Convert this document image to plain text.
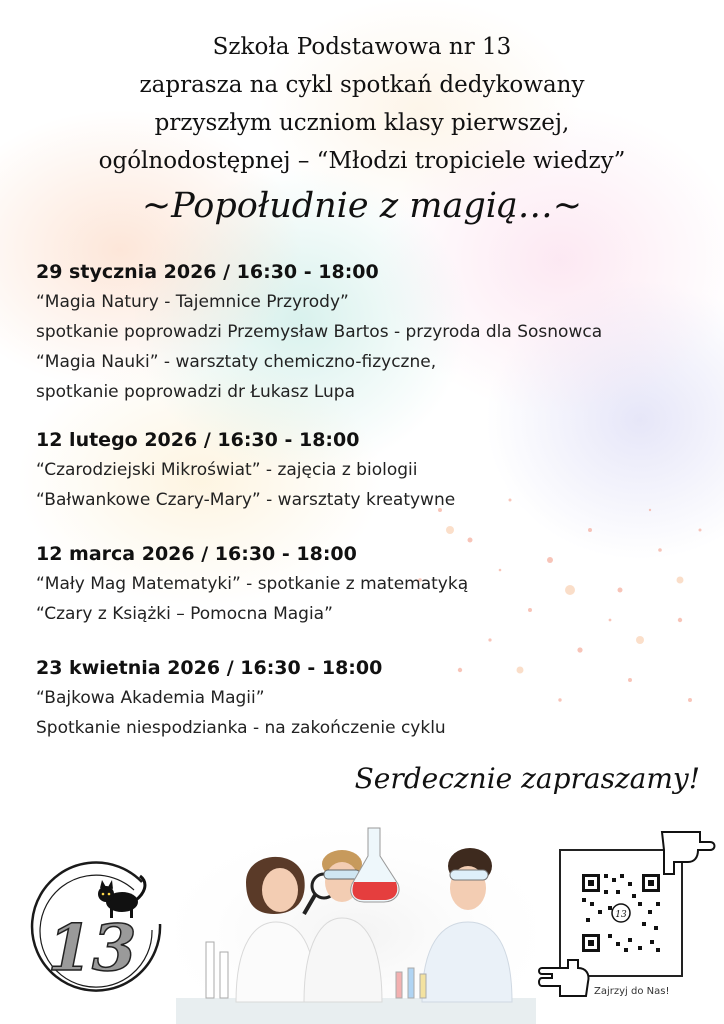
Szkoła Podstawowa nr 13
zaprasza na cykl spotkań dedykowany
przyszłym uczniom klasy pierwszej,
ogólnodostępnej – “Młodzi tropiciele wiedzy”
~Popołudnie z magią…~
29 stycznia 2026 / 16:30 - 18:00
“Magia Natury - Tajemnice Przyrody”
spotkanie poprowadzi Przemysław Bartos - przyroda dla Sosnowca
“Magia Nauki” - warsztaty chemiczno-fizyczne,
spotkanie poprowadzi dr Łukasz Lupa
12 lutego 2026 / 16:30 - 18:00
“Czarodziejski Mikroświat” - zajęcia z biologii
“Bałwankowe Czary-Mary” - warsztaty kreatywne
12 marca 2026 / 16:30 - 18:00
“Mały Mag Matematyki” - spotkanie z matematyką
“Czary z Książki – Pomocna Magia”
23 kwietnia 2026 / 16:30 - 18:00
“Bajkowa Akademia Magii”
Spotkanie niespodzianka - na zakończenie cyklu
Serdecznie zapraszamy!
13	13
Zajrzyj do Nas!
